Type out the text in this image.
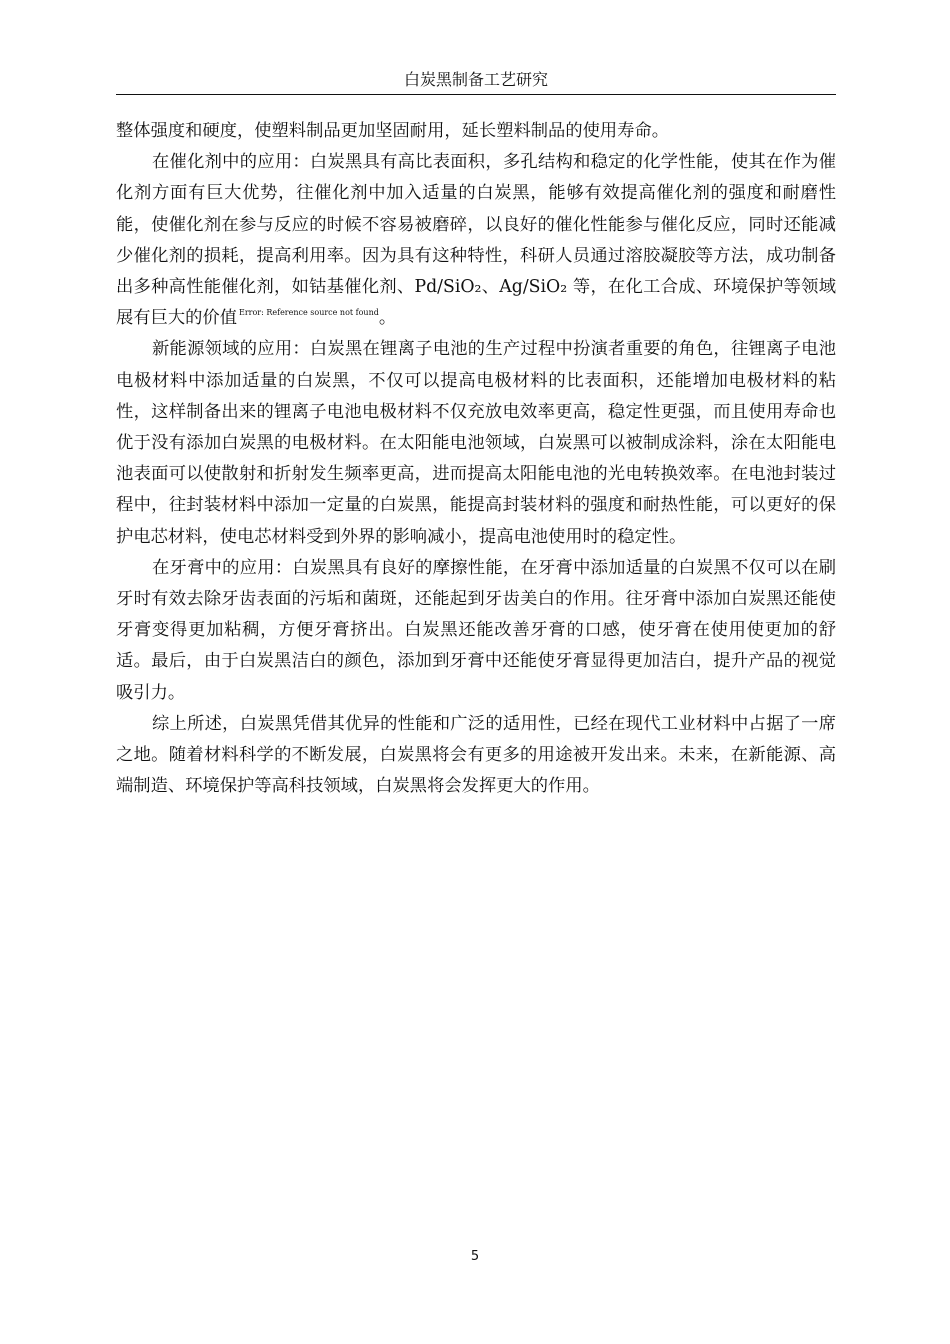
白炭黑制备工艺研究

整体强度和硬度，使塑料制品更加坚固耐用，延长塑料制品的使用寿命。

在催化剂中的应用：白炭黑具有高比表面积，多孔结构和稳定的化学性能，使其在作为催化剂方面有巨大优势，往催化剂中加入适量的白炭黑，能够有效提高催化剂的强度和耐磨性能，使催化剂在参与反应的时候不容易被磨碎，以良好的催化性能参与催化反应，同时还能减少催化剂的损耗，提高利用率。因为具有这种特性，科研人员通过溶胶凝胶等方法，成功制备出多种高性能催化剂，如钴基催化剂、Pd/SiO₂、Ag/SiO₂ 等，在化工合成、环境保护等领域展有巨大的价值 $^{Error: Reference source not found}$。

新能源领域的应用：白炭黑在锂离子电池的生产过程中扮演者重要的角色，往锂离子电池电极材料中添加适量的白炭黑，不仅可以提高电极材料的比表面积，还能增加电极材料的粘性，这样制备出来的锂离子电池电极材料不仅充放电效率更高，稳定性更强，而且使用寿命也优于没有添加白炭黑的电极材料。在太阳能电池领域，白炭黑可以被制成涂料，涂在太阳能电池表面可以使散射和折射发生频率更高，进而提高太阳能电池的光电转换效率。在电池封装过程中，往封装材料中添加一定量的白炭黑，能提高封装材料的强度和耐热性能，可以更好的保护电芯材料，使电芯材料受到外界的影响减小，提高电池使用时的稳定性。

在牙膏中的应用：白炭黑具有良好的摩擦性能，在牙膏中添加适量的白炭黑不仅可以在刷牙时有效去除牙齿表面的污垢和菌斑，还能起到牙齿美白的作用。往牙膏中添加白炭黑还能使牙膏变得更加粘稠，方便牙膏挤出。白炭黑还能改善牙膏的口感，使牙膏在使用使更加的舒适。最后，由于白炭黑洁白的颜色，添加到牙膏中还能使牙膏显得更加洁白，提升产品的视觉吸引力。

综上所述，白炭黑凭借其优异的性能和广泛的适用性，已经在现代工业材料中占据了一席之地。随着材料科学的不断发展，白炭黑将会有更多的用途被开发出来。未来，在新能源、高端制造、环境保护等高科技领域，白炭黑将会发挥更大的作用。

5
